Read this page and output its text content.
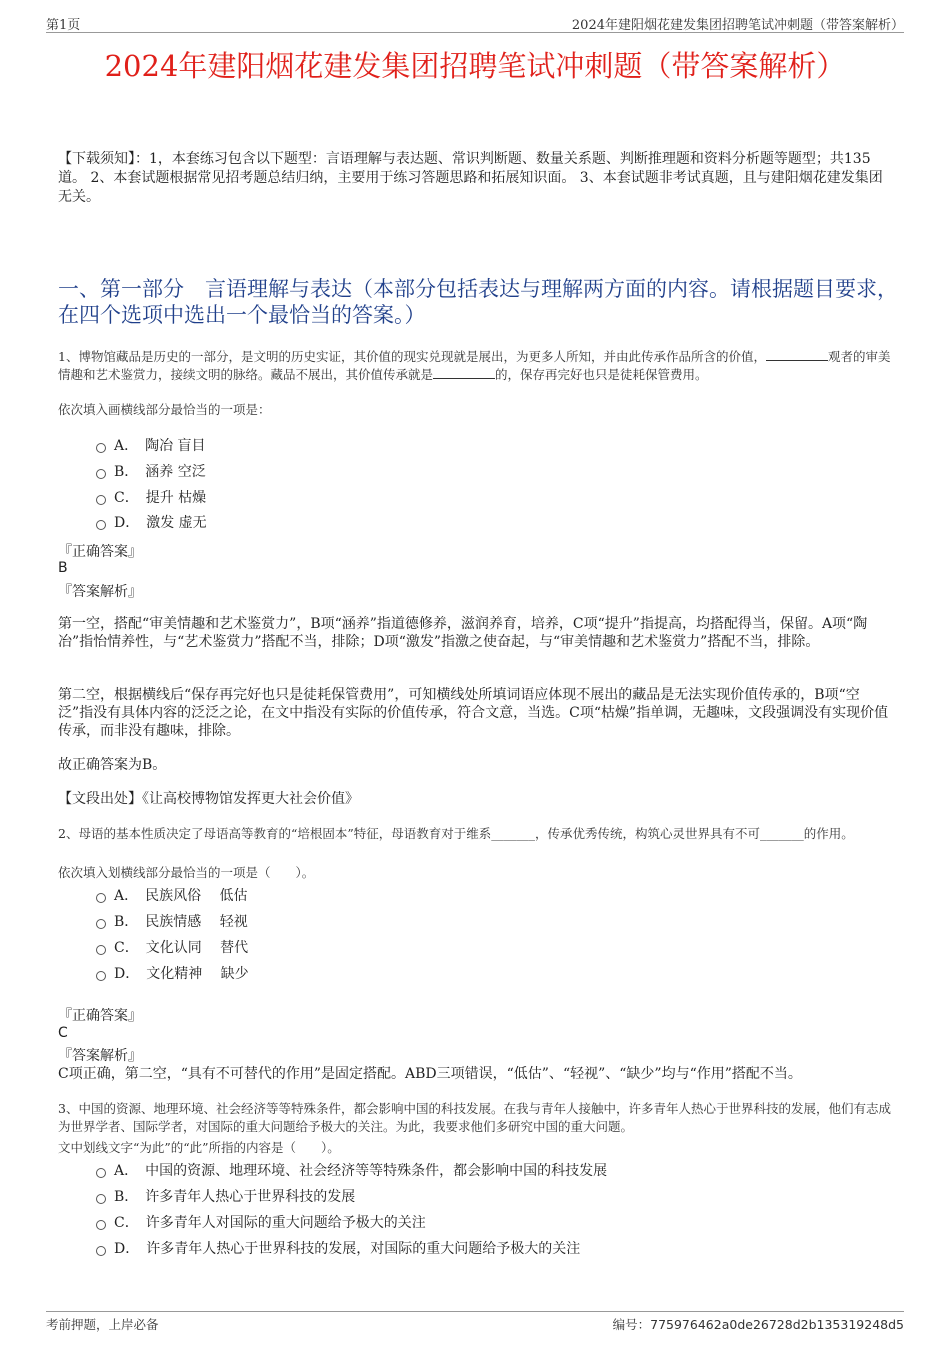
第1页	2024年建阳烟花建发集团招聘笔试冲刺题（带答案解析）
2024年建阳烟花建发集团招聘笔试冲刺题（带答案解析）
【下载须知】：1，本套练习包含以下题型：言语理解与表达题、常识判断题、数量关系题、判断推理题和资料分析题等题型；共135道。 2、本套试题根据常见招考题总结归纳，主要用于练习答题思路和拓展知识面。 3、本套试题非考试真题，且与建阳烟花建发集团无关。
一、第一部分　言语理解与表达（本部分包括表达与理解两方面的内容。请根据题目要求，在四个选项中选出一个最恰当的答案。）
1、博物馆藏品是历史的一部分，是文明的历史实证，其价值的现实兑现就是展出，为更多人所知，并由此传承作品所含的价值，	观者的审美情趣和艺术鉴赏力，接续文明的脉络。藏品不展出，其价值传承就是	的，保存再完好也只是徒耗保管费用。
依次填入画横线部分最恰当的一项是：
A．　陶冶 盲目
B．　涵养 空泛
C．　提升 枯燥
D．　激发 虚无
『正确答案』
B
『答案解析』
第一空，搭配“审美情趣和艺术鉴赏力”，B项“涵养”指道德修养，滋润养育，培养，C项“提升”指提高，均搭配得当，保留。A项“陶冶”指怡情养性，与“艺术鉴赏力”搭配不当，排除；D项“激发”指激之使奋起，与“审美情趣和艺术鉴赏力”搭配不当，排除。
第二空，根据横线后“保存再完好也只是徒耗保管费用”，可知横线处所填词语应体现不展出的藏品是无法实现价值传承的，B项“空泛”指没有具体内容的泛泛之论，在文中指没有实际的价值传承，符合文意，当选。C项“枯燥”指单调，无趣味，文段强调没有实现价值传承，而非没有趣味，排除。
故正确答案为B。
【文段出处】《让高校博物馆发挥更大社会价值》
2、母语的基本性质决定了母语高等教育的“培根固本”特征，母语教育对于维系_______，传承优秀传统，构筑心灵世界具有不可_______的作用。
依次填入划横线部分最恰当的一项是（　　）。
A．　民族风俗　 低估
B．　民族情感　 轻视
C．　文化认同　 替代
D．　文化精神　 缺少
『正确答案』
C
『答案解析』
C项正确，第二空，“具有不可替代的作用”是固定搭配。ABD三项错误，“低估”、“轻视”、“缺少”均与“作用”搭配不当。
3、中国的资源、地理环境、社会经济等等特殊条件，都会影响中国的科技发展。在我与青年人接触中，许多青年人热心于世界科技的发展，他们有志成为世界学者、国际学者，对国际的重大问题给予极大的关注。为此，我要求他们多研究中国的重大问题。
文中划线文字“为此”的“此”所指的内容是（　　）。
A．　中国的资源、地理环境、社会经济等等特殊条件，都会影响中国的科技发展
B．　许多青年人热心于世界科技的发展
C．　许多青年人对国际的重大问题给予极大的关注
D．　许多青年人热心于世界科技的发展，对国际的重大问题给予极大的关注
考前押题，上岸必备	编号：775976462a0de26728d2b135319248d5
